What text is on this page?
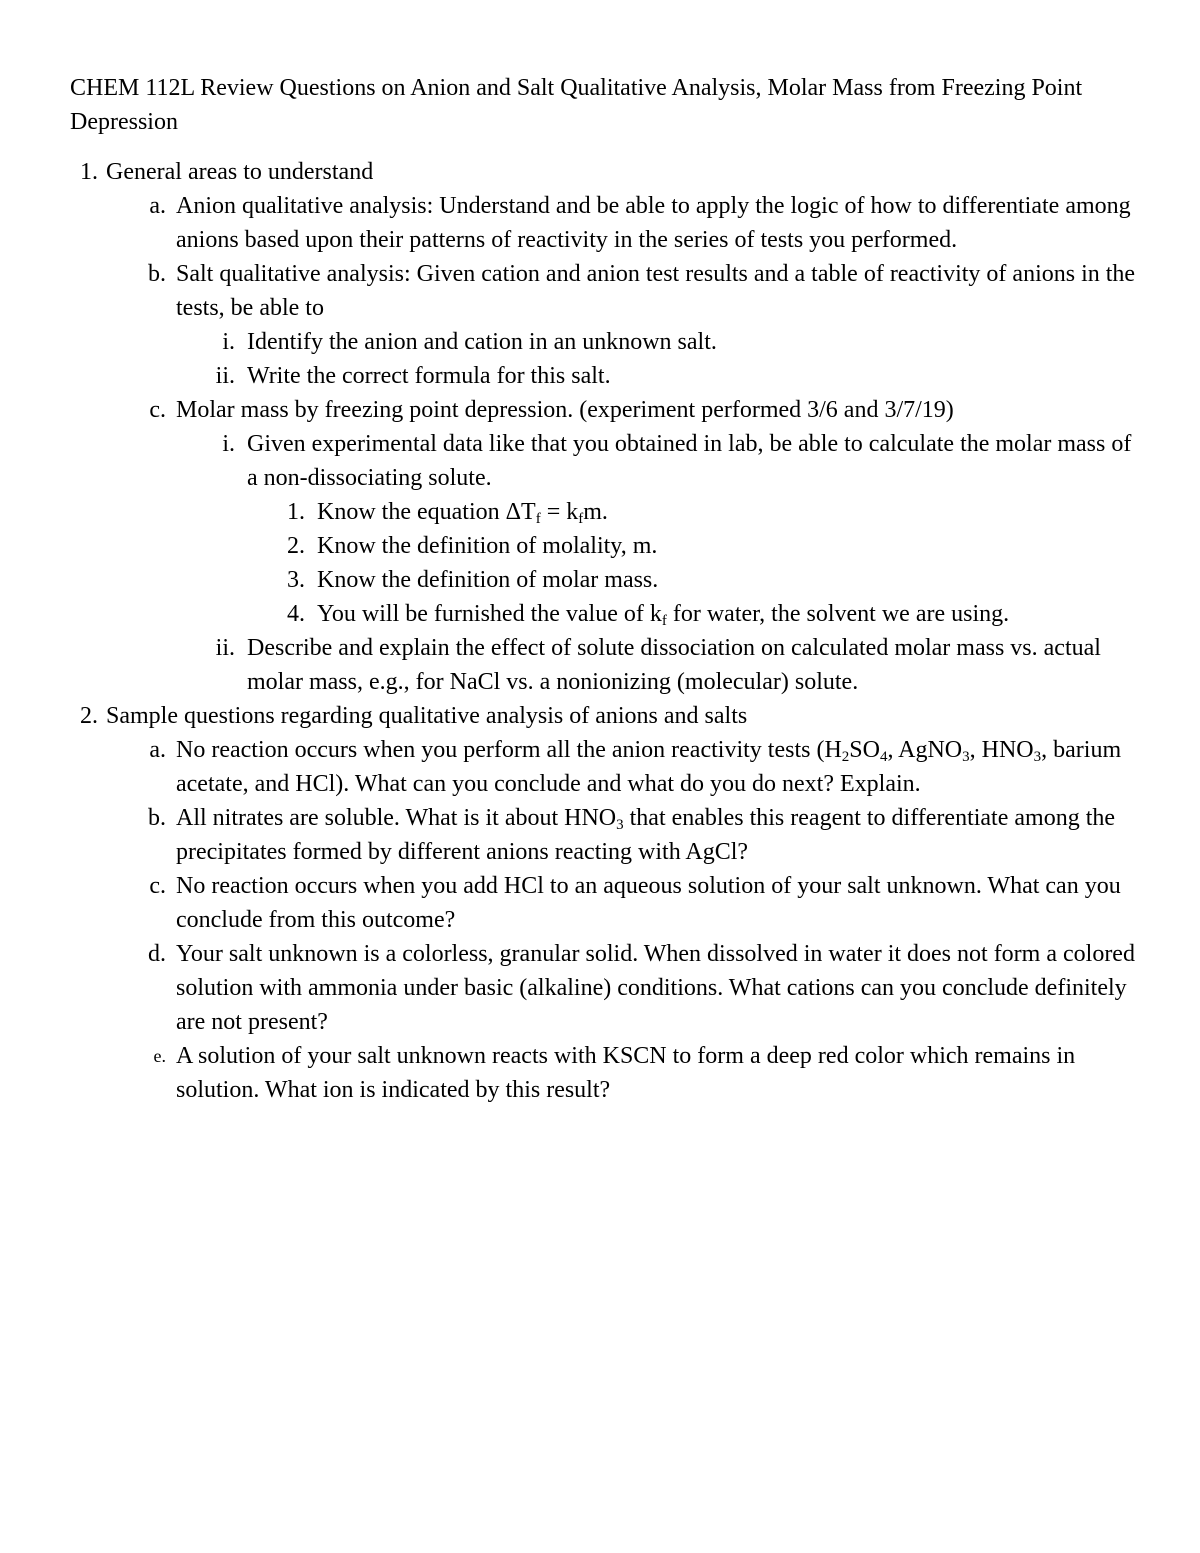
CHEM 112L Review Questions on Anion and Salt Qualitative Analysis, Molar Mass from Freezing Point Depression
1. General areas to understand
a. Anion qualitative analysis: Understand and be able to apply the logic of how to differentiate among anions based upon their patterns of reactivity in the series of tests you performed.
b. Salt qualitative analysis: Given cation and anion test results and a table of reactivity of anions in the tests, be able to
i. Identify the anion and cation in an unknown salt.
ii. Write the correct formula for this salt.
c. Molar mass by freezing point depression. (experiment performed 3/6 and 3/7/19)
i. Given experimental data like that you obtained in lab, be able to calculate the molar mass of a non-dissociating solute.
1. Know the equation $\Delta T_f = k_fm$.
2. Know the definition of molality, m.
3. Know the definition of molar mass.
4. You will be furnished the value of $k_f$ for water, the solvent we are using.
ii. Describe and explain the effect of solute dissociation on calculated molar mass vs. actual molar mass, e.g., for NaCl vs. a nonionizing (molecular) solute.
2. Sample questions regarding qualitative analysis of anions and salts
a. No reaction occurs when you perform all the anion reactivity tests ($H_2SO_4$, AgNO$_3$, $HNO_3$, barium acetate, and HCl). What can you conclude and what do you do next? Explain.
b. All nitrates are soluble. What is it about $HNO_3$ that enables this reagent to differentiate among the precipitates formed by different anions reacting with AgCl?
c. No reaction occurs when you add HCl to an aqueous solution of your salt unknown. What can you conclude from this outcome?
d. Your salt unknown is a colorless, granular solid. When dissolved in water it does not form a colored solution with ammonia under basic (alkaline) conditions. What cations can you conclude definitely are not present?
e. A solution of your salt unknown reacts with KSCN to form a deep red color which remains in solution. What ion is indicated by this result?
